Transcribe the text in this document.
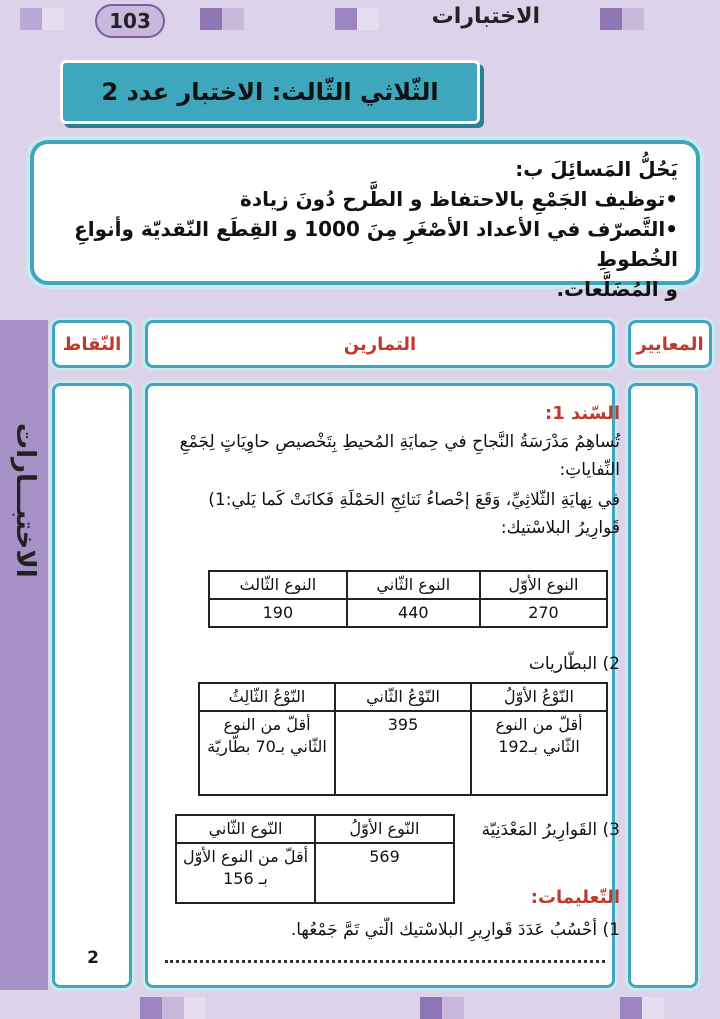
103	الاختبارات
الثّلاثي الثّالث: الاختبار عدد 2
يَحُلُّ المَسائِلَ ب:
•توظيف الجَمْعِ بالاحتفاظ و الطَّرح دُونَ زيادة
•التَّصرّف في الأعداد الأصْغَرِ مِنَ 1000 و القِطَع النّقديّة وأنواعِ الخُطوطِ
و المُضَلَّعات.
الاختبـــارات
النّقاط	التمارين	المعايير
السّند 1:
تُساهِمُ مَدْرَسَةُ النَّجاحِ في حِمايَةِ المُحيطِ بِتَخْصيصِ حاوِيَاتٍ لِجَمْعِ النِّفاياتِ:
في نِهايَةِ الثّلاثِيِّ، وَقَعَ إحْصاءُ نَتائِجِ الحَمْلَةِ فَكانَتْ كَما يَلي:1) قَوارِيرُ البلاسْتيك:
النوع الأوّل	النوع الثّاني	النوع الثّالث
270	440	190
2) البطّاريات
النّوْعُ الأوّلُ	النّوْعُ الثّاني	النّوْعُ الثّالِثُ
أقلّ من النوع الثّاني بـ192	395	أقلّ من النوع الثّاني بـ70 بطّاريّة
3) القَوارِيرُ المَعْدَنِيّة
النّوع الأوّلُ	النّوع الثّاني
569	أقلّ من النوع الأوّل بـ 156
التّعليمات:
1) أحْسُبُ عَدَدَ قَوارِيرِ البلاسْتيك الّتي تَمَّ جَمْعُها.
2
